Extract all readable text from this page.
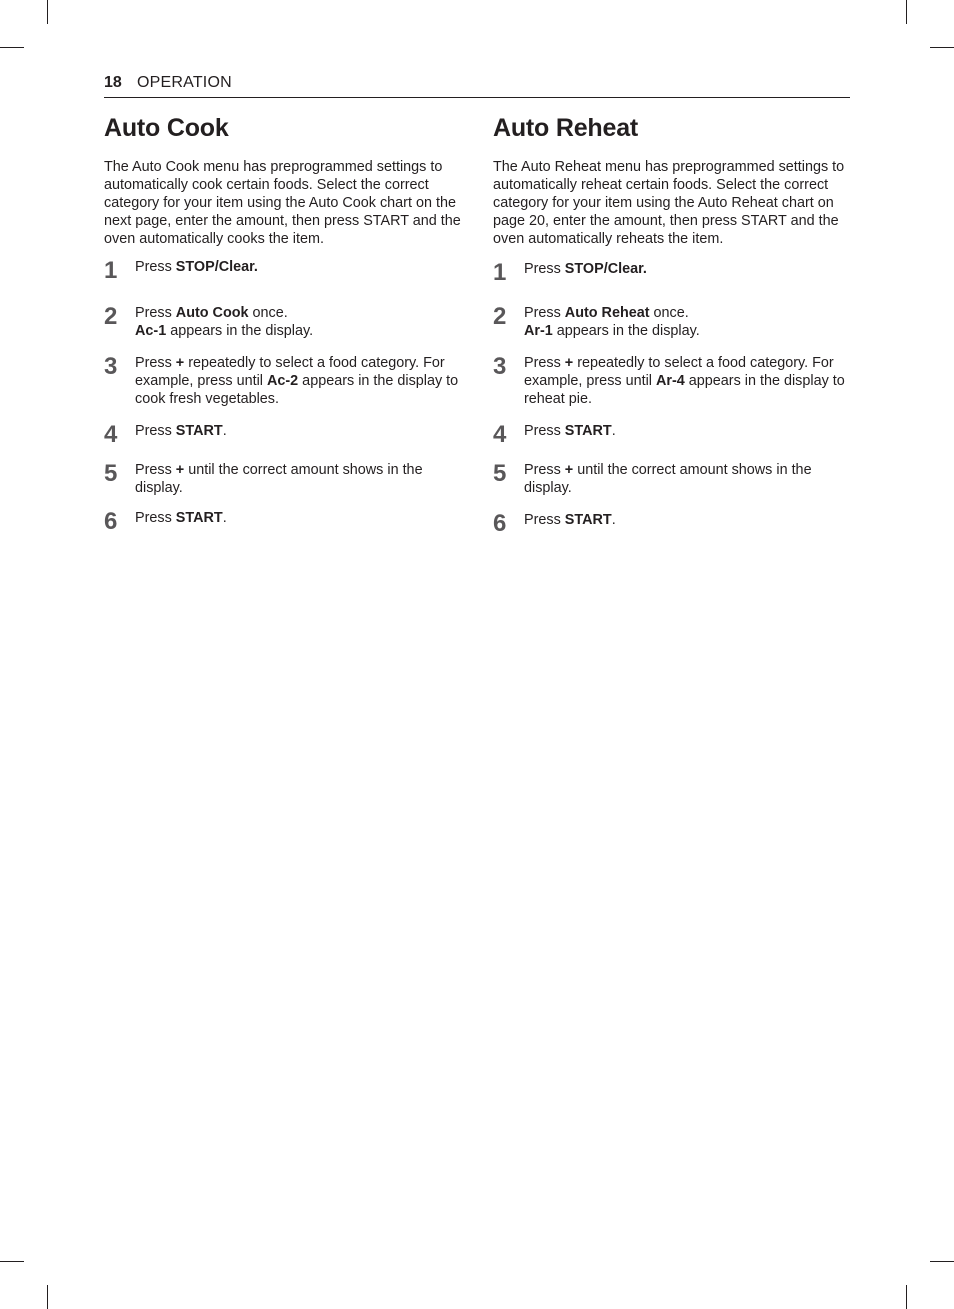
18 OPERATION
Auto Cook

The Auto Cook menu has preprogrammed settings to automatically cook certain foods. Select the correct category for your item using the Auto Cook chart on the next page, enter the amount, then press START and the oven automatically cooks the item.

1 Press STOP/Clear.
2 Press Auto Cook once.
Ac-1 appears in the display.
3 Press + repeatedly to select a food category. For example, press until Ac-2 appears in the display to cook fresh vegetables.
4 Press START.
5 Press + until the correct amount shows in the display.
6 Press START.
Auto Reheat

The Auto Reheat menu has preprogrammed settings to automatically reheat certain foods. Select the correct category for your item using the Auto Reheat chart on page 20, enter the amount, then press START and the oven automatically reheats the item.

1 Press STOP/Clear.
2 Press Auto Reheat once.
Ar-1 appears in the display.
3 Press + repeatedly to select a food category. For example, press until Ar-4 appears in the display to reheat pie.
4 Press START.
5 Press + until the correct amount shows in the display.
6 Press START.
